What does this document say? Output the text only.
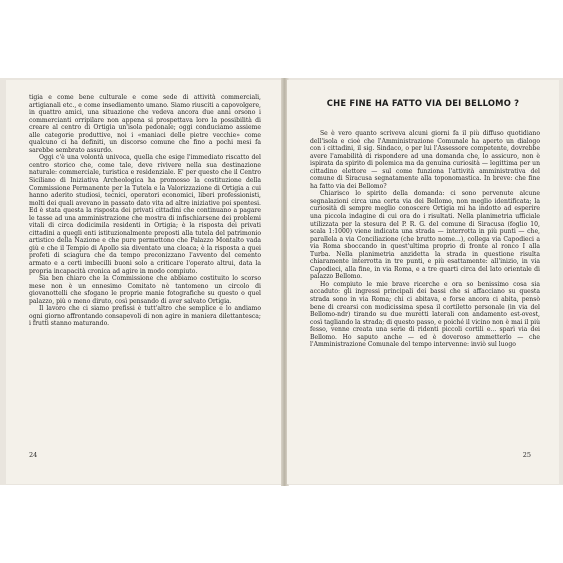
tigia e come bene culturale e come sede di attività commerciali, artigianali etc., e come insediamento umano. Siamo riusciti a capovolgere, in quattro amici, una situazione che vedeva ancora due anni orsono i commercianti orripilare non appena si prospettava loro la possibilità di creare al centro di Ortigia un'isola pedonale; oggi conduciamo assieme alle categorie produttive, noi i «maniaci delle pietre vecchie» come qualcuno ci ha definiti, un discorso comune che fino a pochi mesi fa sarebbe sembrato assurdo.

Oggi c'è una volontà univoca, quella che esige l'immediato riscatto del centro storico che, come tale, deve rivivere nella sua destinazione naturale: commerciale, turistica e residenziale. E' per questo che il Centro Siciliano di Iniziativa Archeologica ha promosso la costituzione della Commissione Permanente per la Tutela e la Valorizzazione di Ortigia a cui hanno aderito studiosi, tecnici, operatori economici, liberi professionisti, molti dei quali avevano in passato dato vita ad altre iniziative poi spentesi. Ed è stata questa la risposta dei privati cittadini che continuano a pagare le tasse ad una amministrazione che mostra di infischiarsene dei problemi vitali di circa dodicimila residenti in Ortigia; è la risposta dei privati cittadini a quegli enti istituzionalmente preposti alla tutela del patrimonio artistico della Nazione e che pure permettono che Palazzo Montalto vada giù e che il Tempio di Apollo sia diventato una cloaca; è la risposta a quei profeti di sciagura che da tempo preconizzano l'avvento del cemento armato e a certi imbecilli buoni solo a criticare l'operato altrui, data la propria incapacità cronica ad agire in modo compiuto.

Sia ben chiaro che la Commissione che abbiamo costituito lo scorso mese non è un ennesimo Comitato nè tantomeno un circolo di giovanottelli che sfogano le proprie manie fotografiche su questo o quel palazzo, più o meno diruto, così pensando di aver salvato Ortigia.

Il lavoro che ci siamo prefissi è tutt'altro che semplice e lo andiamo ogni giorno affrontando consapevoli di non agire in maniera dilettantesca; i frutti stanno maturando.

24
CHE FINE HA FATTO VIA DEI BELLOMO ?

Se è vero quanto scriveva alcuni giorni fa il più diffuso quotidiano dell'isola e cioè che l'Amministrazione Comunale ha aperto un dialogo con i cittadini, il sig. Sindaco, o per lui l'Assessore competente, dovrebbe avere l'amabilità di rispondere ad una domanda che, lo assicuro, non è ispirata da spirito di polemica ma da genuina curiosità — legittima per un cittadino elettore — sul come funziona l'attività amministrativa del comune di Siracusa segnatamente alla toponomastica. In breve: che fine ha fatto via dei Bellomo?

Chiarisco lo spirito della domanda: ci sono pervenute alcune segnalazioni circa una certa via dei Bellomo, non meglio identificata; la curiosità di sempre meglio conoscere Ortigia mi ha indotto ad esperire una piccola indagine di cui ora do i risultati. Nella planimetria ufficiale utilizzata per la stesura del P. R. G. del comune di Siracusa (foglio 10, scala 1:1000) viene indicata una strada — interrotta in più punti — che, parallela a via Conciliazione (che brutto nome...), collega via Capodieci a via Roma sboccando in quest'ultima proprio di fronte al ronco I alla Turba. Nella planimetria anzidetta la strada in questione risulta chiaramente interrotta in tre punti, e più esattamente: all'inizio, in via Capodieci, alla fine, in via Roma, e a tre quarti circa del lato orientale di palazzo Bellomo.

Ho compiuto le mie brave ricerche e ora so benissimo cosa sia accaduto: gli ingressi principali dei bassi che si affacciano su questa strada sono in via Roma; chi ci abitava, e forse ancora ci abita, pensò bene di crearsi con modicissima spesa il cortiletto personale (in via del Bellomo-ndr) tirando su due muretti laterali con andamento est-ovest, così tagliando la strada; di questo passo, e poiché il vicino non è mai il più fesso, venne creata una serie di ridenti piccoli cortili e... sparì via dei Bellomo. Ho saputo anche — ed è doveroso ammetterlo — che l'Amministrazione Comunale del tempo intervenne: inviò sul luogo

25
